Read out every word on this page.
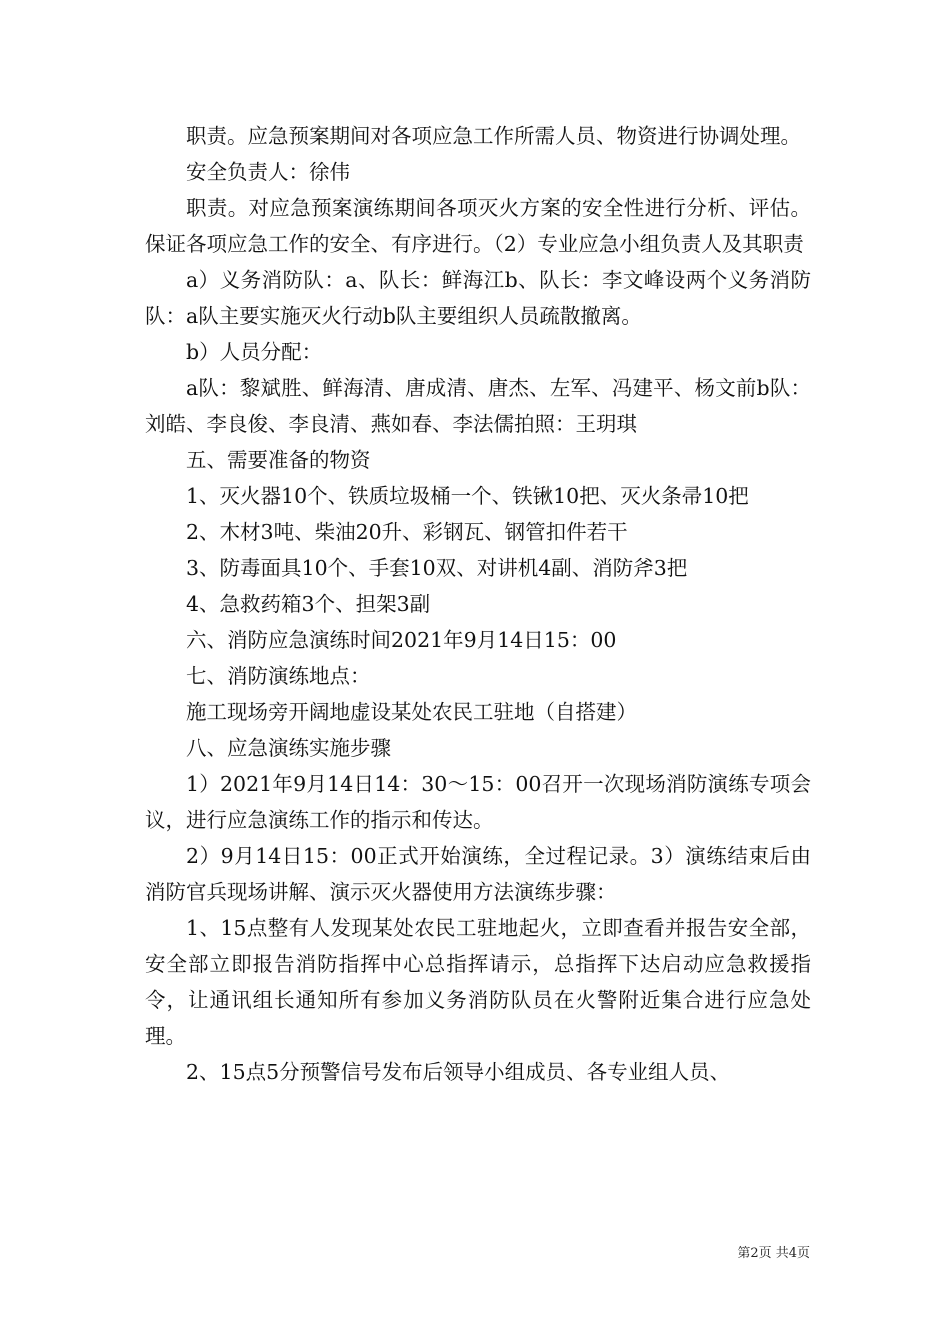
职责。应急预案期间对各项应急工作所需人员、物资进行协调处理。

安全负责人：徐伟

职责。对应急预案演练期间各项灭火方案的安全性进行分析、评估。保证各项应急工作的安全、有序进行。（2）专业应急小组负责人及其职责

a）义务消防队：a、队长：鲜海江b、队长：李文峰设两个义务消防队：a队主要实施灭火行动b队主要组织人员疏散撤离。

b）人员分配：

a队：黎斌胜、鲜海清、唐成清、唐杰、左军、冯建平、杨文前b队：刘皓、李良俊、李良清、燕如春、李法儒拍照：王玥琪

五、需要准备的物资

1、灭火器10个、铁质垃圾桶一个、铁锹10把、灭火条帚10把

2、木材3吨、柴油20升、彩钢瓦、钢管扣件若干

3、防毒面具10个、手套10双、对讲机4副、消防斧3把

4、急救药箱3个、担架3副

六、消防应急演练时间2021年9月14日15：00

七、消防演练地点：

施工现场旁开阔地虚设某处农民工驻地（自搭建）

八、应急演练实施步骤

1）2021年9月14日14：30～15：00召开一次现场消防演练专项会议，进行应急演练工作的指示和传达。

2）9月14日15：00正式开始演练，全过程记录。3）演练结束后由消防官兵现场讲解、演示灭火器使用方法演练步骤：

1、15点整有人发现某处农民工驻地起火，立即查看并报告安全部，安全部立即报告消防指挥中心总指挥请示，总指挥下达启动应急救援指令，让通讯组长通知所有参加义务消防队员在火警附近集合进行应急处理。

2、15点5分预警信号发布后领导小组成员、各专业组人员、

第2页 共4页
